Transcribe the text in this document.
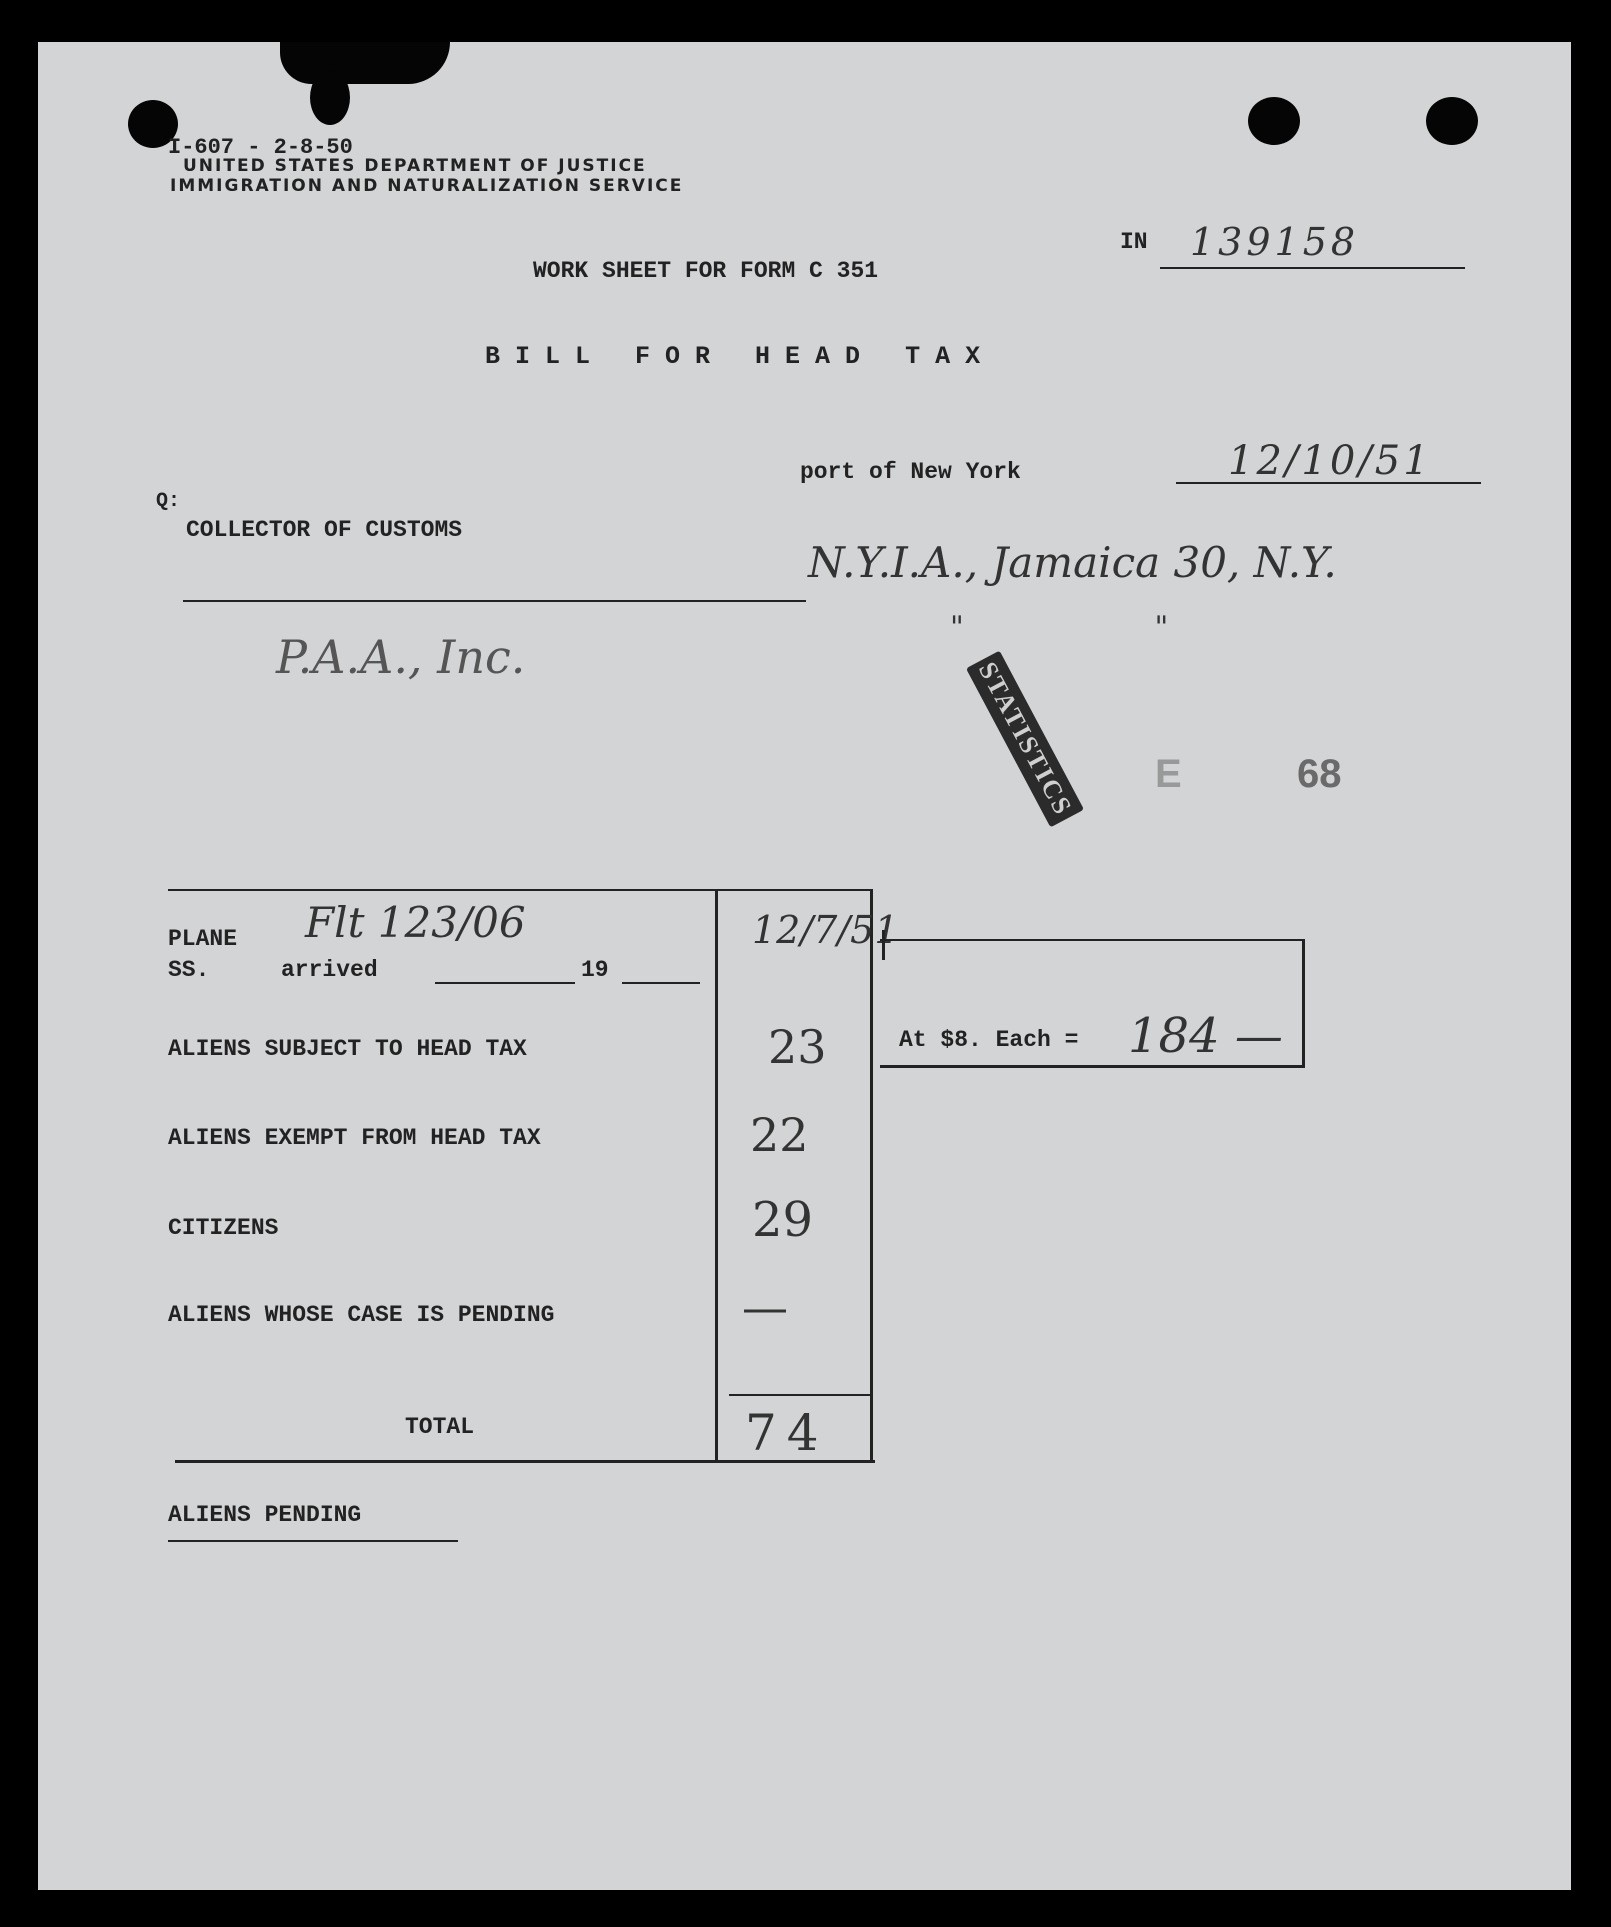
I-607 - 2-8-50
UNITED STATES DEPARTMENT OF JUSTICE
IMMIGRATION AND NATURALIZATION SERVICE
IN 139158
WORK SHEET FOR FORM C 351
B I L L   F O R   H E A D   T A X
port of New York	12/10/51
Q:
COLLECTOR OF CUSTOMS
N.Y.I.A., Jamaica 30, N.Y.
"                    "
P.A.A., Inc.
STATISTICS E	68
PLANE
SS.	arrived	19
Flt 123/06	12/7/51
ALIENS SUBJECT TO HEAD TAX	23
ALIENS EXEMPT FROM HEAD TAX	22
CITIZENS	29
ALIENS WHOSE CASE IS PENDING	—
TOTAL	74
At $8. Each = 184 —
ALIENS PENDING
